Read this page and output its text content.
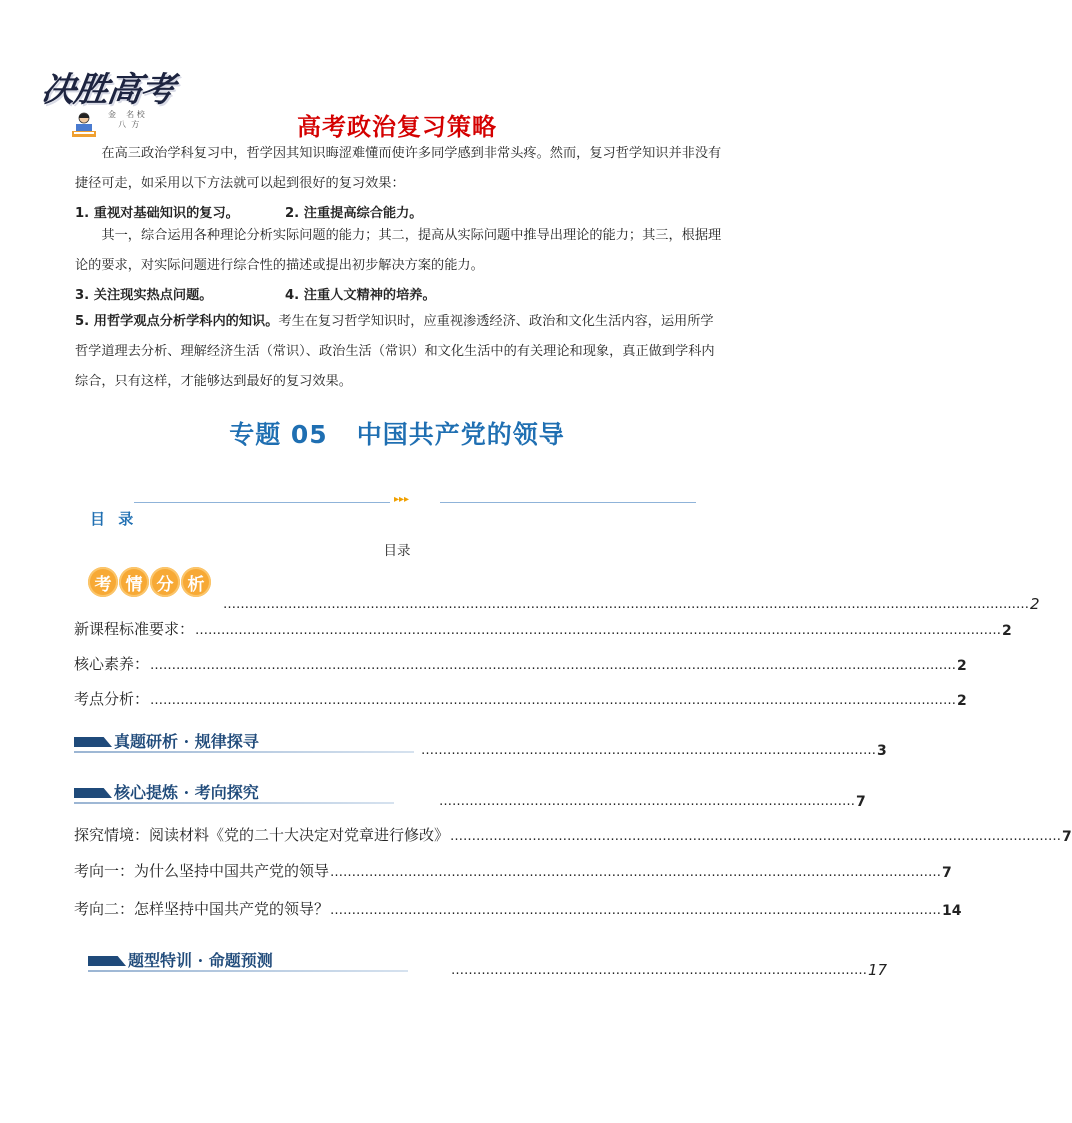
决胜高考
金    名 校
八  方	高考政治复习策略
在高三政治学科复习中，哲学因其知识晦涩难懂而使许多同学感到非常头疼。然而，复习哲学知识并非没有捷径可走，如采用以下方法就可以起到很好的复习效果：
1. 重视对基础知识的复习。	2. 注重提高综合能力。
其一，综合运用各种理论分析实际问题的能力；其二，提高从实际问题中推导出理论的能力；其三，根据理论的要求，对实际问题进行综合性的描述或提出初步解决方案的能力。
3. 关注现实热点问题。	4. 注重人文精神的培养。
5. 用哲学观点分析学科内的知识。考生在复习哲学知识时，应重视渗透经济、政治和文化生活内容，运用所学哲学道理去分析、理解经济生活（常识）、政治生活（常识）和文化生活中的有关理论和现象，真正做到学科内综合，只有这样，才能够达到最好的复习效果。
专题 05   中国共产党的领导
▸▸▸
目 录
目录
考 情 分 析
…………………………………………………………………………………………………………………………………………………………………… 2
新课程标准要求： …………………………………………………………………………………………………………………………………………………………………… 2
核心素养： …………………………………………………………………………………………………………………………………………………………………… 2
考点分析： …………………………………………………………………………………………………………………………………………………………………… 2
真题研析 · 规律探寻	…………………………………………………………………………………………… 3
核心提炼 · 考向探究	…………………………………………………………………………………… 7
探究情境：阅读材料《党的二十大决定对党章进行修改》 …………………………………………………………………………………………………………………………… 7
考向一：为什么坚持中国共产党的领导 …………………………………………………………………………………………………………………………… 7
考向二：怎样坚持中国共产党的领导？ …………………………………………………………………………………………………………………………… 14
题型特训 · 命题预测
…………………………………………………………………………………… 17
